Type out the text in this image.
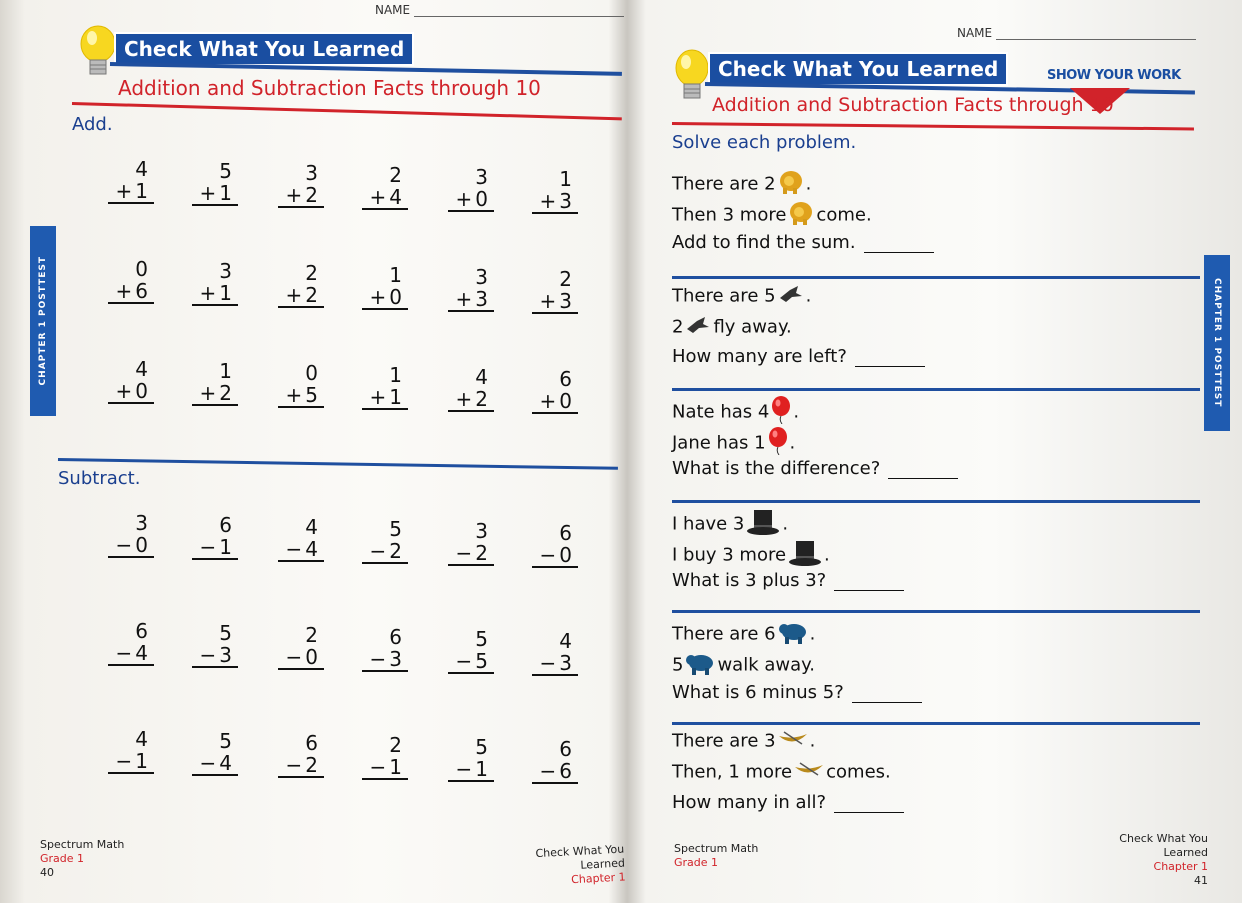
NAME
Check What You Learned
Addition and Subtraction Facts through 10
Add.
CHAPTER 1 POSTTEST
4
+ 1
5
+ 1
3
+ 2
2
+ 4
3
+ 0
1
+ 3
0
+ 6
3
+ 1
2
+ 2
1
+ 0
3
+ 3
2
+ 3
4
+ 0
1
+ 2
0
+ 5
1
+ 1
4
+ 2
6
+ 0
Subtract.
3
− 0
6
− 1
4
− 4
5
− 2
3
− 2
6
− 0
6
− 4
5
− 3
2
− 0
6
− 3
5
− 5
4
− 3
4
− 1
5
− 4
6
− 2
2
− 1
5
− 1
6
− 6
Spectrum Math
Grade 1
40
Check What You Learned
Chapter 1
NAME
Check What You Learned	SHOW YOUR WORK
Addition and Subtraction Facts through 10
Solve each problem.
CHAPTER 1 POSTTEST
There are 2 .
Then 3 more come.
Add to find the sum.
There are 5 .
2 fly away.
How many are left?
Nate has 4 .
Jane has 1 .
What is the difference?
I have 3 .
I buy 3 more .
What is 3 plus 3?
There are 6 .
5 walk away.
What is 6 minus 5?
There are 3 .
Then, 1 more comes.
How many in all?
Spectrum Math
Grade 1
Check What You Learned
Chapter 1
41
